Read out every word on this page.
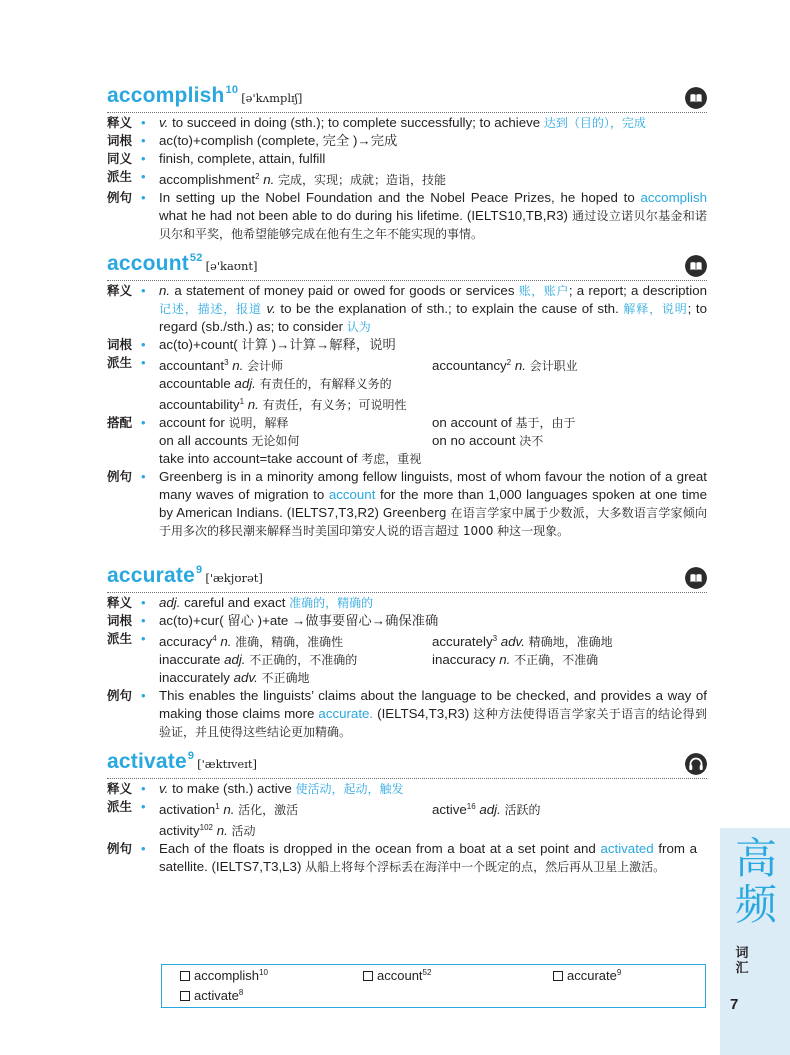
accomplish$^{10}$[ə'kʌmplɪʃ]
释义 • v. to succeed in doing (sth.); to complete successfully; to achieve 达到（目的），完成
词根 • ac(to)+complish (complete, 完全 )→完成
同义 • finish, complete, attain, fulfill
派生 • accomplishment$^2$ n. 完成，实现；成就；造诣，技能
例句 • In setting up the Nobel Foundation and the Nobel Peace Prizes, he hoped to accomplish what he had not been able to do during his lifetime. (IELTS10,TB,R3) 通过设立诺贝尔基金和诺贝尔和平奖，他希望能够完成在他有生之年不能实现的事情。
account$^{52}$[ə'kaʊnt]
释义 • n. a statement of money paid or owed for goods or services 账，账户; a report; a description 记述，描述，报道 v. to be the explanation of sth.; to explain the cause of sth. 解释，说明; to regard (sb./sth.) as; to consider 认为
词根 • ac(to)+count( 计算 )→计算→解释，说明
派生 • accountant$^3$ n. 会计师	accountancy$^2$ n. 会计职业
accountable adj. 有责任的，有解释义务的
accountability$^1$ n. 有责任，有义务；可说明性
搭配 • account for 说明，解释	on account of 基于，由于
on all accounts 无论如何	on no account 决不
take into account=take account of 考虑，重视
例句 • Greenberg is in a minority among fellow linguists, most of whom favour the notion of a great many waves of migration to account for the more than 1,000 languages spoken at one time by American Indians. (IELTS7,T3,R2) Greenberg 在语言学家中属于少数派，大多数语言学家倾向于用多次的移民潮来解释当时美国印第安人说的语言超过 1000 种这一现象。
accurate$^9$['ækjʊrət]
释义 • adj. careful and exact 准确的，精确的
词根 • ac(to)+cur( 留心 )+ate →做事要留心→确保准确
派生 • accuracy$^4$ n. 准确，精确，准确性	accurately$^3$ adv. 精确地，准确地
inaccurate adj. 不正确的，不准确的	inaccuracy n. 不正确，不准确
inaccurately adv. 不正确地
例句 • This enables the linguists’ claims about the language to be checked, and provides a way of making those claims more accurate. (IELTS4,T3,R3) 这种方法使得语言学家关于语言的结论得到验证，并且使得这些结论更加精确。
activate$^9$['æktɪveɪt]
释义 • v. to make (sth.) active 使活动，起动，触发
派生 • activation$^1$ n. 活化，激活	active$^{16}$ adj. 活跃的
activity$^{102}$ n. 活动
例句 • Each of the floats is dropped in the ocean from a boat at a set point and activated from a satellite. (IELTS7,T3,L3) 从船上将每个浮标丢在海洋中一个既定的点，然后再从卫星上激活。	高频
词汇
7
accomplish$^{10}$	account$^{52}$	accurate$^9$
activate$^8$
